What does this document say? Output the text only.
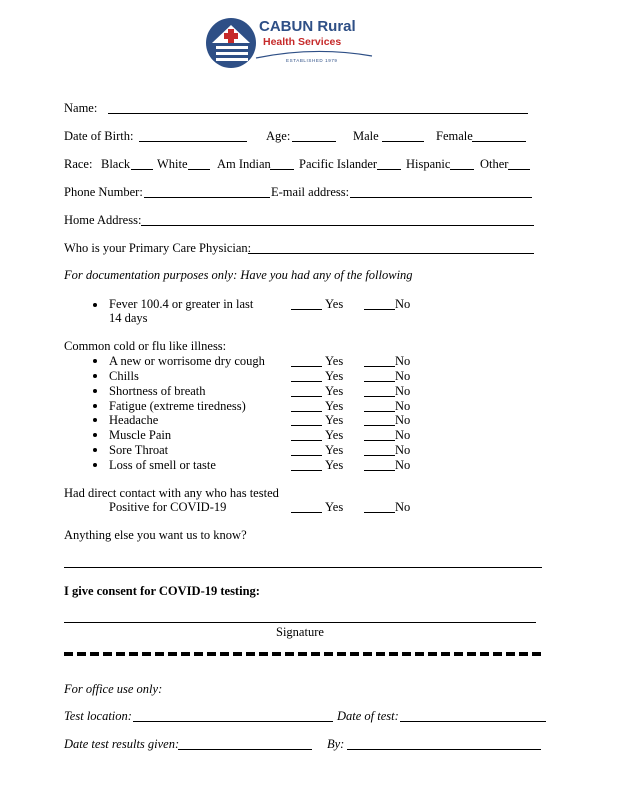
CABUN Rural
Health Services
ESTABLISHED 1979
Name:
Date of Birth:	Age:	Male	Female
Race: Black White Am Indian Pacific Islander Hispanic Other
Phone Number:	E-mail address:
Home Address:
Who is your Primary Care Physician:
For documentation purposes only: Have you had any of the following
Fever 100.4 or greater in last
14 days
Yes	No
Common cold or flu like illness:
A new or worrisome dry cough	Yes	No
Chills	Yes	No
Shortness of breath	Yes	No
Fatigue (extreme tiredness)	Yes	No
Headache	Yes	No
Muscle Pain	Yes	No
Sore Throat	Yes	No
Loss of smell or taste	Yes	No
Had direct contact with any who has tested
Positive for COVID-19	Yes	No
Anything else you want us to know?
I give consent for COVID-19 testing:
Signature
For office use only:
Test location:	Date of test:
Date test results given:	By:
